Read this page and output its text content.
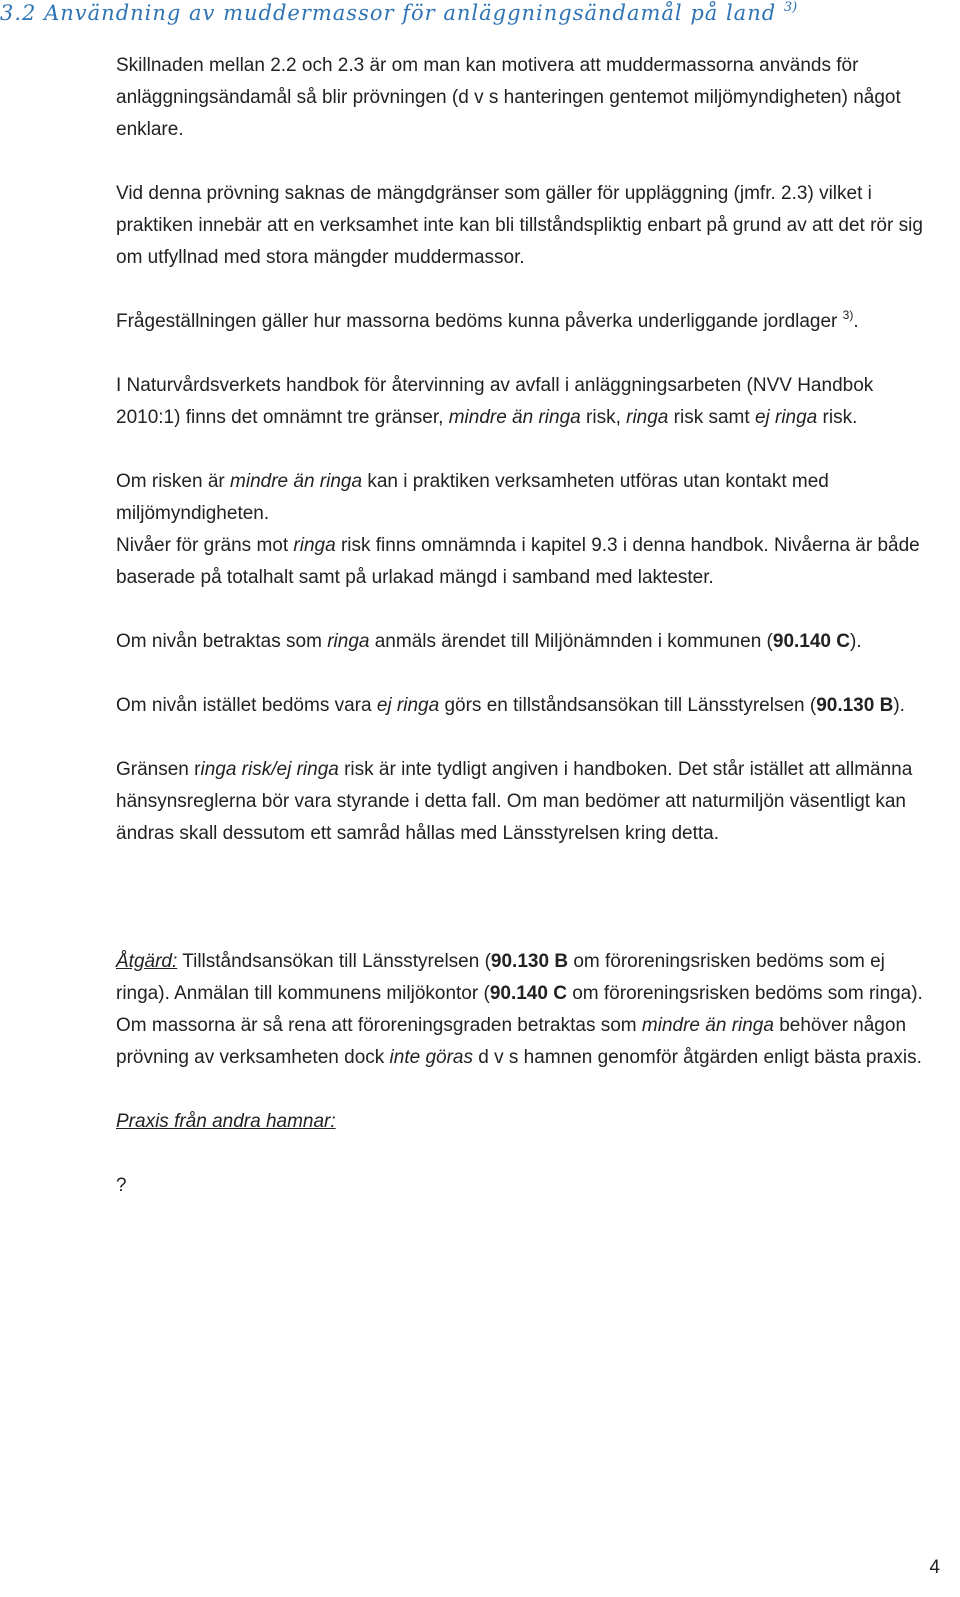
3.2 Användning av muddermassor för anläggningsändamål på land $^{3)}$

Skillnaden mellan 2.2 och 2.3 är om man kan motivera att muddermassorna används för anläggningsändamål så blir prövningen (d v s hanteringen gentemot miljömyndigheten) något enklare.

Vid denna prövning saknas de mängdgränser som gäller för uppläggning (jmfr. 2.3) vilket i praktiken innebär att en verksamhet inte kan bli tillståndspliktig enbart på grund av att det rör sig om utfyllnad med stora mängder muddermassor.

Frågeställningen gäller hur massorna bedöms kunna påverka underliggande jordlager $^{3)}$.

I Naturvårdsverkets handbok för återvinning av avfall i anläggningsarbeten (NVV Handbok 2010:1) finns det omnämnt tre gränser, mindre än ringa risk, ringa risk samt ej ringa risk.

Om risken är mindre än ringa kan i praktiken verksamheten utföras utan kontakt med miljömyndigheten.

Nivåer för gräns mot ringa risk finns omnämnda i kapitel 9.3 i denna handbok. Nivåerna är både baserade på totalhalt samt på urlakad mängd i samband med laktester.

Om nivån betraktas som ringa anmäls ärendet till Miljönämnden i kommunen (90.140 C).

Om nivån istället bedöms vara ej ringa görs en tillståndsansökan till Länsstyrelsen (90.130 B).

Gränsen ringa risk/ej ringa risk är inte tydligt angiven i handboken. Det står istället att allmänna hänsynsreglerna bör vara styrande i detta fall. Om man bedömer att naturmiljön väsentligt kan ändras skall dessutom ett samråd hållas med Länsstyrelsen kring detta.

Åtgärd: Tillståndsansökan till Länsstyrelsen (90.130 B om föroreningsrisken bedöms som ej ringa). Anmälan till kommunens miljökontor (90.140 C om föroreningsrisken bedöms som ringa). Om massorna är så rena att föroreningsgraden betraktas som mindre än ringa behöver någon prövning av verksamheten dock inte göras d v s hamnen genomför åtgärden enligt bästa praxis.

Praxis från andra hamnar:

?

4
